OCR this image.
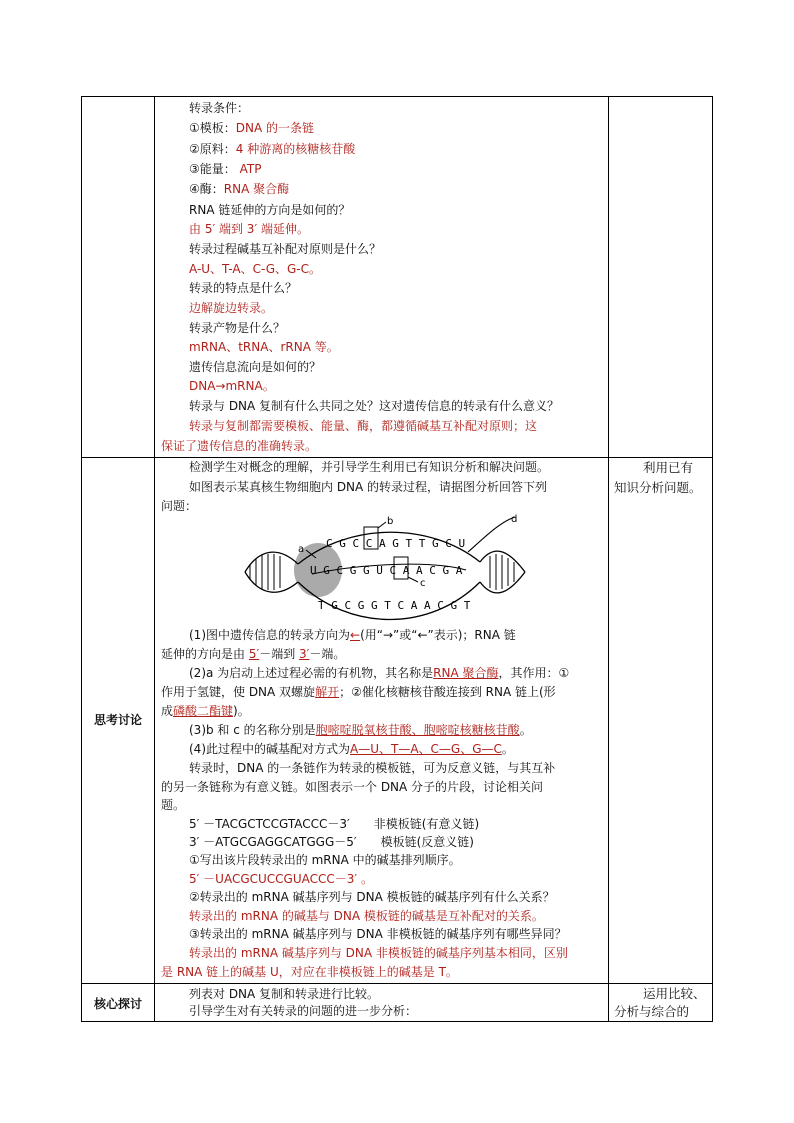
思考讨论
核心探讨
转录条件：
①模板：DNA 的一条链
②原料：4 种游离的核糖核苷酸
③能量： ATP
④酶：RNA 聚合酶
RNA 链延伸的方向是如何的？
由 5′ 端到 3′ 端延伸。
转录过程碱基互补配对原则是什么？
A-U、T-A、C-G、G-C。
转录的特点是什么？
边解旋边转录。
转录产物是什么？
mRNA、tRNA、rRNA 等。
遗传信息流向是如何的？
DNA→mRNA。
转录与 DNA 复制有什么共同之处？这对遗传信息的转录有什么意义？
转录与复制都需要模板、能量、酶，都遵循碱基互补配对原则；这
保证了遗传信息的准确转录。
利用已有
知识分析问题。
检测学生对概念的理解，并引导学生利用已有知识分析和解决问题。
如图表示某真核生物细胞内 DNA 的转录过程，请据图分析回答下列
问题：
C G C C A G T T G C U
U G C G G U C A A C G A
T G C G G T C A A C G T
a
b
c
d
(1)图中遗传信息的转录方向为←(用“→”或“←”表示)；RNA 链
延伸的方向是由 5′－端到 3′－端。
(2)a 为启动上述过程必需的有机物，其名称是RNA 聚合酶，其作用：①
作用于氢键，使 DNA 双螺旋解开；②催化核糖核苷酸连接到 RNA 链上(形
成磷酸二酯键)。
(3)b 和 c 的名称分别是胞嘧啶脱氧核苷酸、胞嘧啶核糖核苷酸。
(4)此过程中的碱基配对方式为A—U、T—A、C—G、G—C。
转录时，DNA 的一条链作为转录的模板链，可为反意义链，与其互补
的另一条链称为有意义链。如图表示一个 DNA 分子的片段，讨论相关问
题。
5′ －TACGCTCCGTACCC－3′ 非模板链(有意义链)
3′ －ATGCGAGGCATGGG－5′ 模板链(反意义链)
①写出该片段转录出的 mRNA 中的碱基排列顺序。
5′ －UACGCUCCGUACCC－3′ 。
②转录出的 mRNA 碱基序列与 DNA 模板链的碱基序列有什么关系？
转录出的 mRNA 的碱基与 DNA 模板链的碱基是互补配对的关系。
③转录出的 mRNA 碱基序列与 DNA 非模板链的碱基序列有哪些异同？
转录出的 mRNA 碱基序列与 DNA 非模板链的碱基序列基本相同，区别
是 RNA 链上的碱基 U，对应在非模板链上的碱基是 T。
列表对 DNA 复制和转录进行比较。
引导学生对有关转录的问题的进一步分析：
运用比较、
分析与综合的
